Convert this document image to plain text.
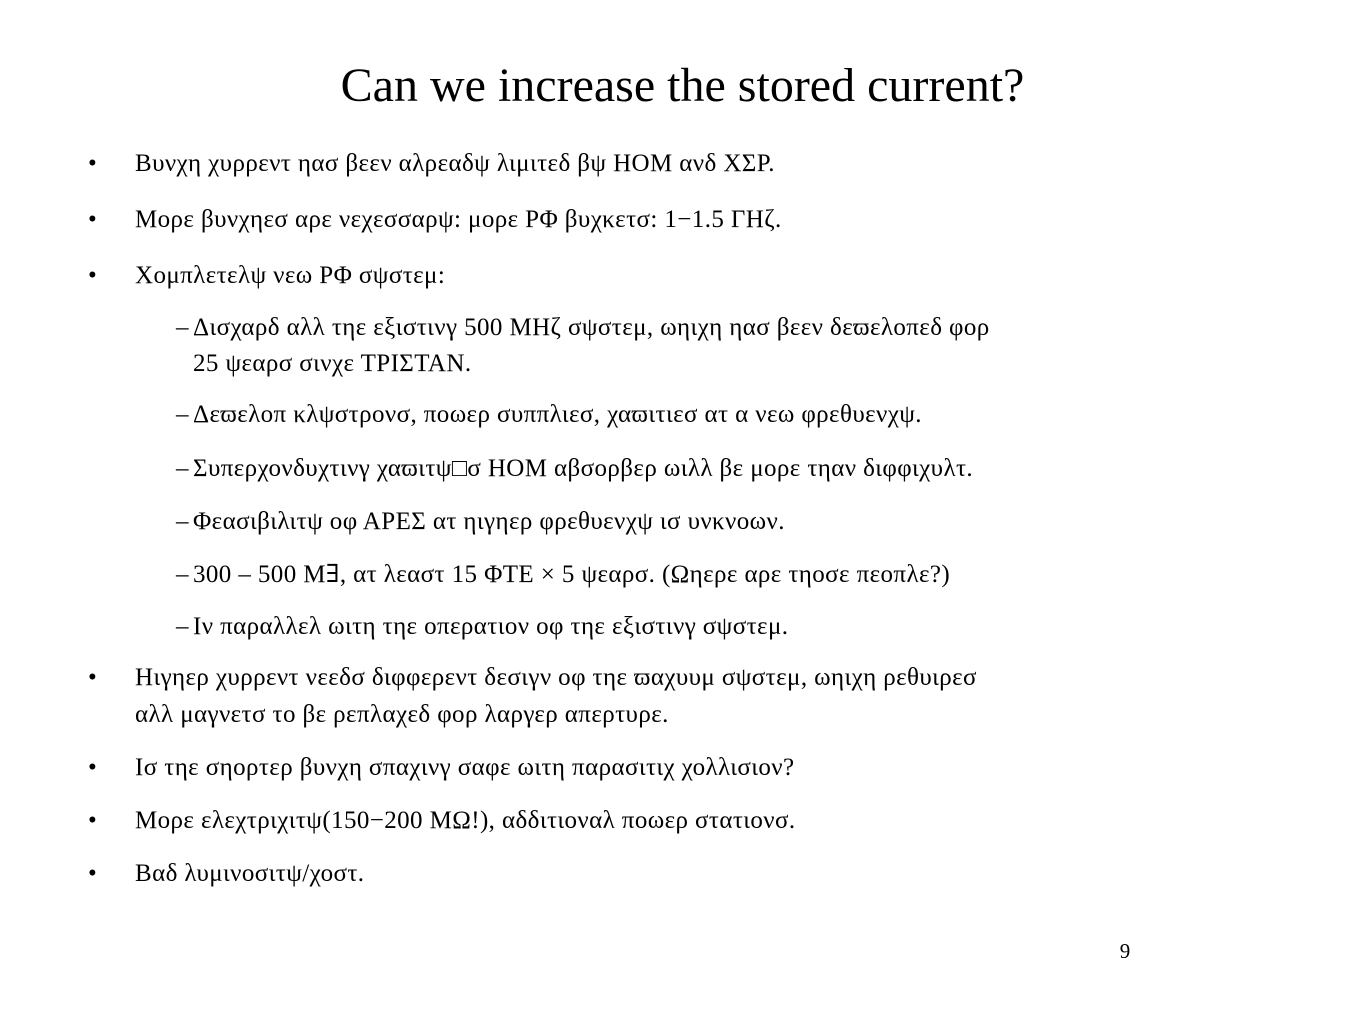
Can we increase the stored current?
•	Βυνχη χυρρεντ ηασ βεεν αλρεαδψ λιμιτεδ βψ ΗΟΜ ανδ ΧΣΡ.
•	Μορε βυνχηεσ αρε νεχεσσαρψ: μορε ΡΦ βυχκετσ: 1−1.5 ΓΗζ.
•	Χομπλετελψ νεω ΡΦ σψστεμ:
– Δισχαρδ αλλ τηε εξιστινγ 500 ΜΗζ σψστεμ, ωηιχη ηασ βεεν δεϖελοπεδ φορ
25 ψεαρσ σινχε ΤΡΙΣΤΑΝ.
– Δεϖελοπ κλψστρονσ, ποωερ συππλιεσ, χαϖιτιεσ ατ α νεω φρεθυενχψ.
– Συπερχονδυχτινγ χαϖιτψ□σ ΗΟΜ αβσορβερ ωιλλ βε μορε τηαν διφφιχυλτ.
– Φεασιβιλιτψ οφ ΑΡΕΣ ατ ηιγηερ φρεθυενχψ ισ υνκνοων.
– 300 – 500 Μ∃, ατ λεαστ 15 ΦΤΕ × 5 ψεαρσ. (Ωηερε αρε τηοσε πεοπλε?)
– Ιν παραλλελ ωιτη τηε οπερατιον οφ τηε εξιστινγ σψστεμ.
•	Ηιγηερ χυρρεντ νεεδσ διφφερεντ δεσιγν οφ τηε ϖαχυυμ σψστεμ, ωηιχη ρεθυιρεσ
αλλ μαγνετσ το βε ρεπλαχεδ φορ λαργερ απερτυρε.
•	Ισ τηε σηορτερ βυνχη σπαχινγ σαφε ωιτη παρασιτιχ χολλισιον?
•	Μορε ελεχτριχιτψ(150−200 ΜΩ!), αδδιτιοναλ ποωερ στατιονσ.
•	Βαδ λυμινοσιτψ/χοστ.
9
